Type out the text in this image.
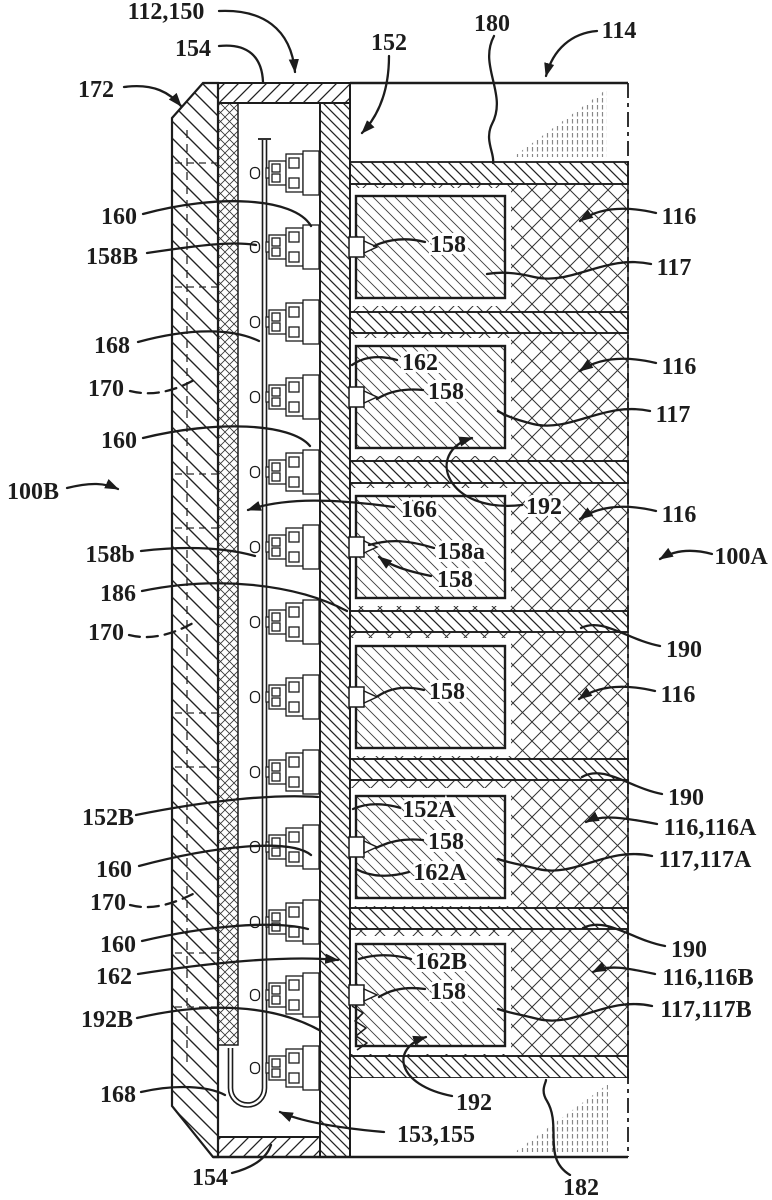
112,150
154	152
180	114
172
160
158B
168
170
160
100B
158b
186
170
152B
160
170
160
162
192B
168
154
116
117
158
162
158
116
117
166	192
158a
158
100A
116
190
116
158
190
116,116A
117,117A
152A
158
162A
190
116,116B
117,117B
162B
158
192
153,155
182
